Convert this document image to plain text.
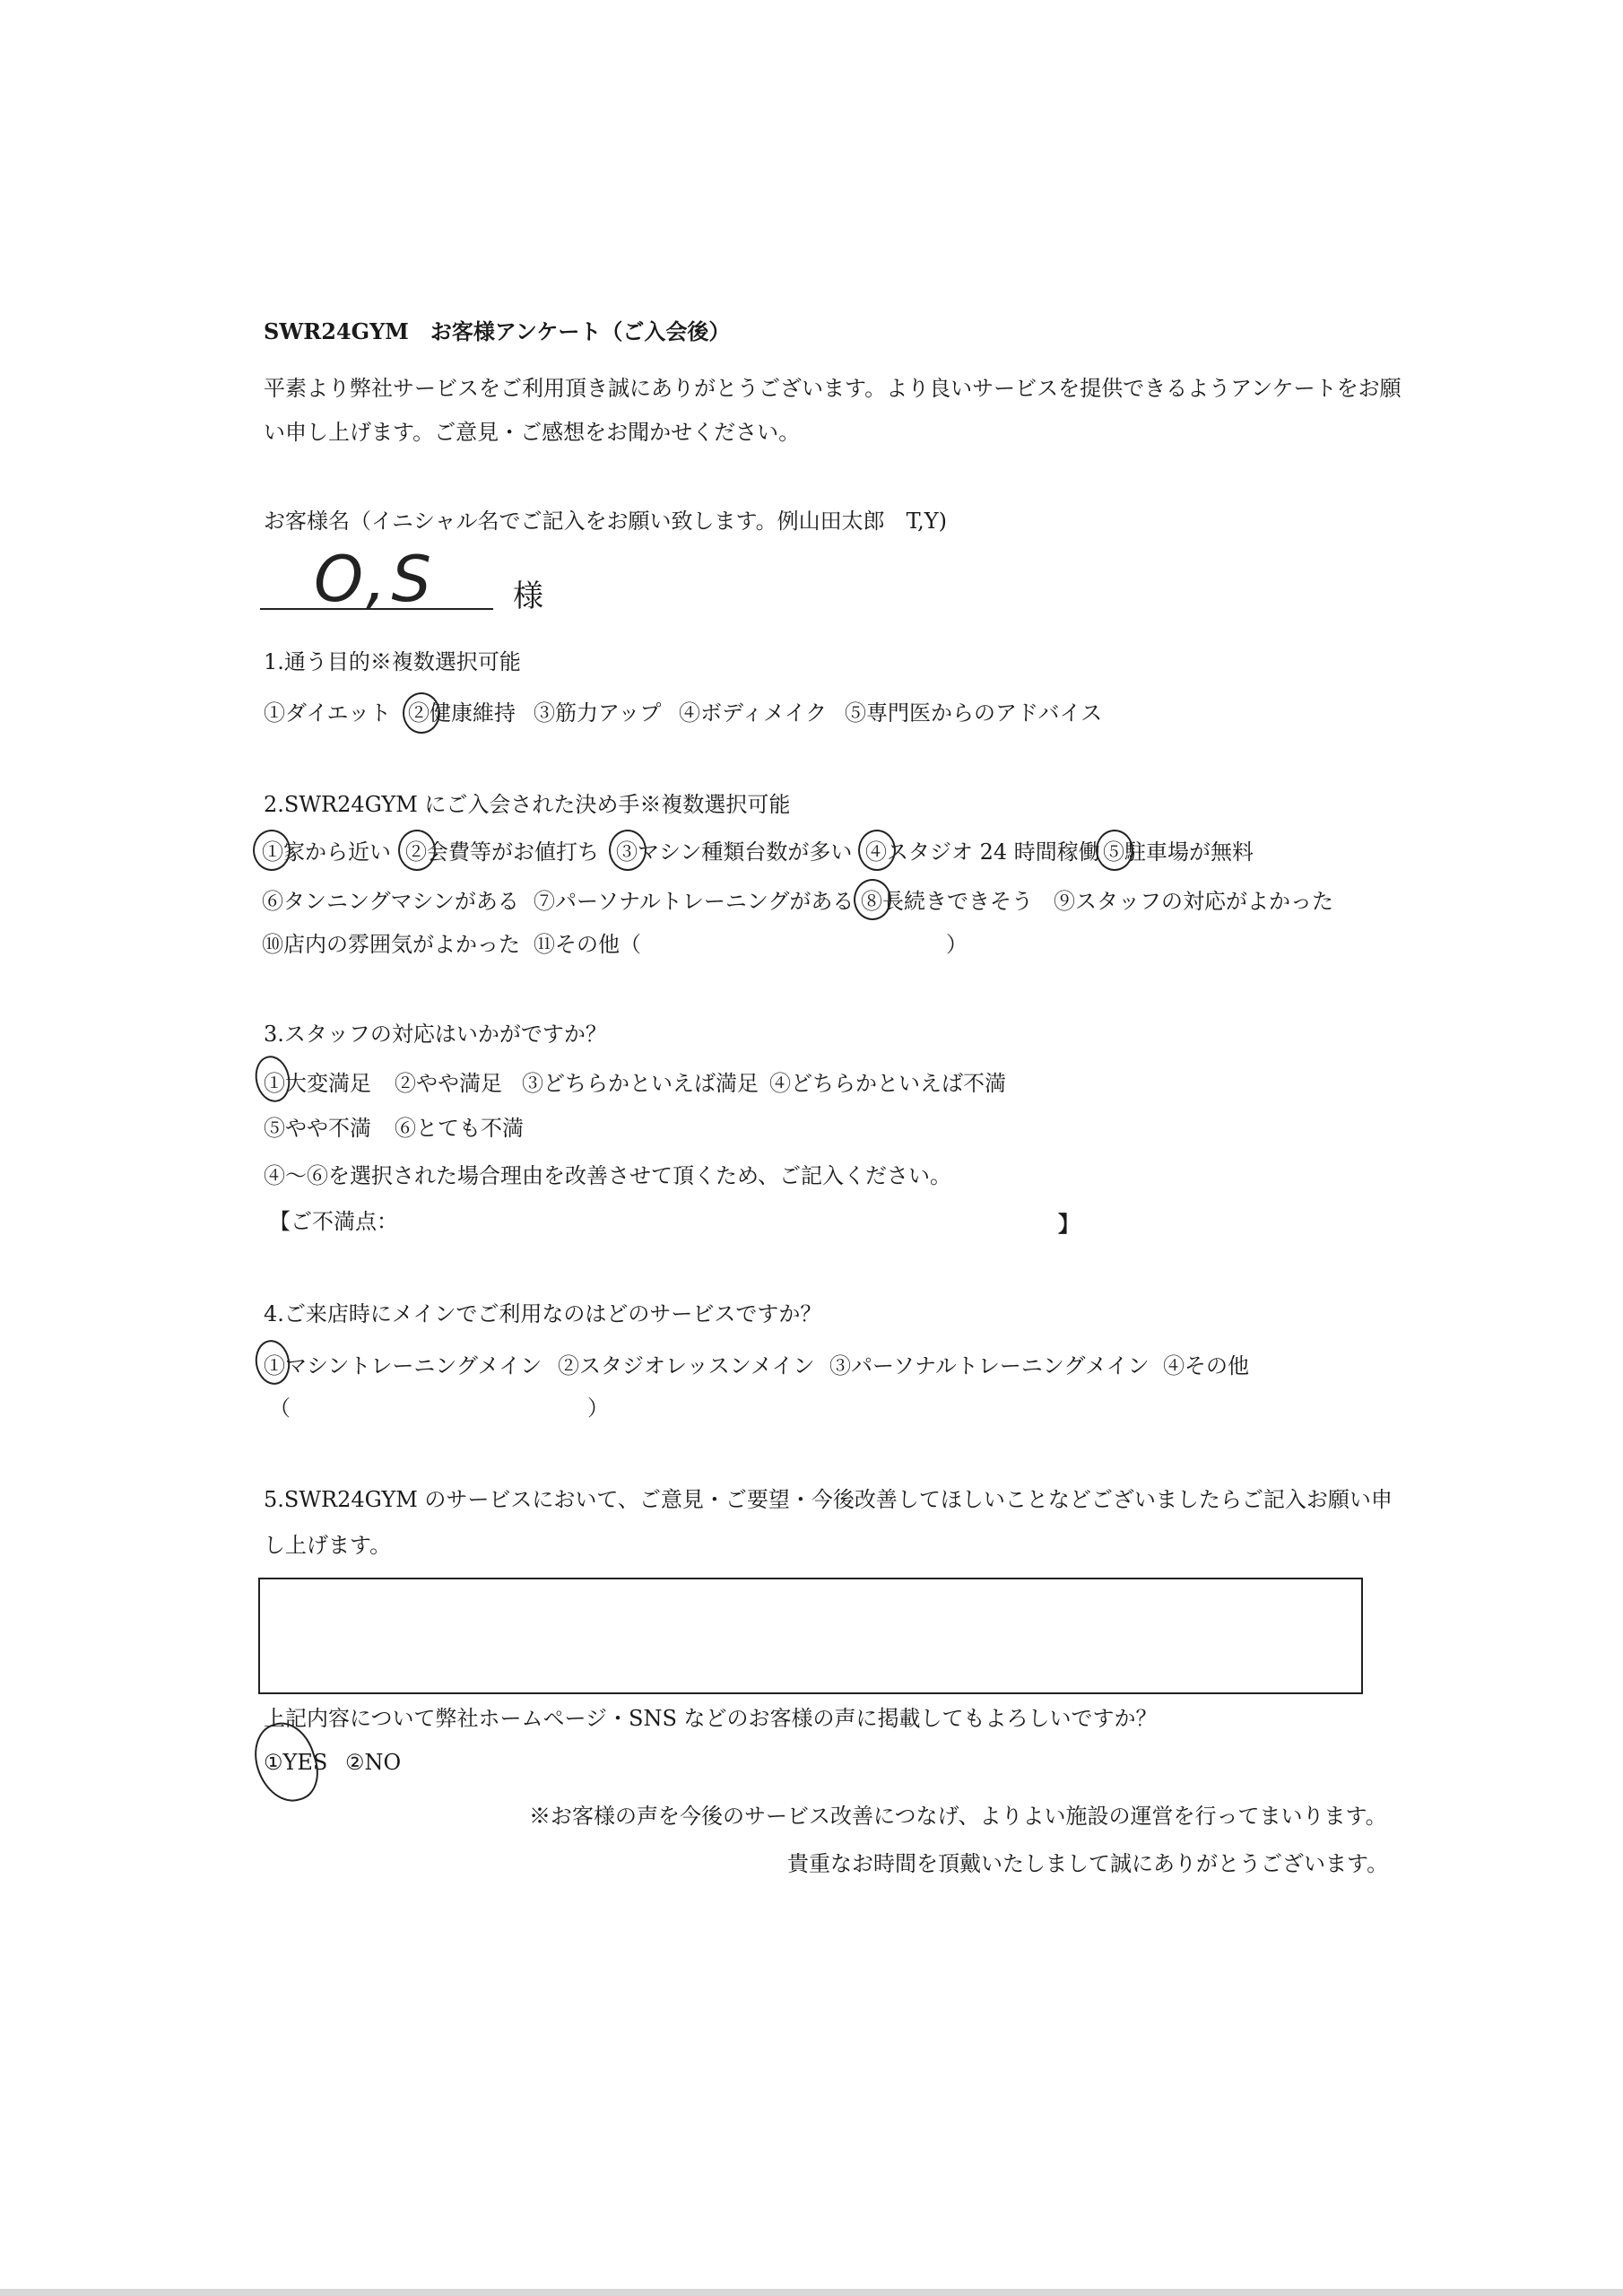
SWR24GYM　お客様アンケート（ご入会後）
平素より弊社サービスをご利用頂き誠にありがとうございます。より良いサービスを提供できるようアンケートをお願
い申し上げます。ご意見・ご感想をお聞かせください。
お客様名（イニシャル名でご記入をお願い致します。例山田太郎　T,Y)
O,S	様
1.通う目的※複数選択可能
①ダイエット ②健康維持 ③筋力アップ ④ボディメイク ⑤専門医からのアドバイス
2.SWR24GYM にご入会された決め手※複数選択可能
①家から近い ②会費等がお値打ち ③マシン種類台数が多い ④スタジオ 24 時間稼働 ⑤駐車場が無料
⑥タンニングマシンがある ⑦パーソナルトレーニングがある ⑧長続きできそう ⑨スタッフの対応がよかった
⑩店内の雰囲気がよかった ⑪その他（	）
3.スタッフの対応はいかがですか？
①大変満足 ②やや満足 ③どちらかといえば満足 ④どちらかといえば不満
⑤やや不満 ⑥とても不満
④～⑥を選択された場合理由を改善させて頂くため、ご記入ください。
【ご不満点：	】
4.ご来店時にメインでご利用なのはどのサービスですか？
①マシントレーニングメイン ②スタジオレッスンメイン ③パーソナルトレーニングメイン ④その他
（	）
5.SWR24GYM のサービスにおいて、ご意見・ご要望・今後改善してほしいことなどございましたらご記入お願い申
し上げます。
上記内容について弊社ホームページ・SNS などのお客様の声に掲載してもよろしいですか？
①YES ②NO
※お客様の声を今後のサービス改善につなげ、よりよい施設の運営を行ってまいります。
貴重なお時間を頂戴いたしまして誠にありがとうございます。
